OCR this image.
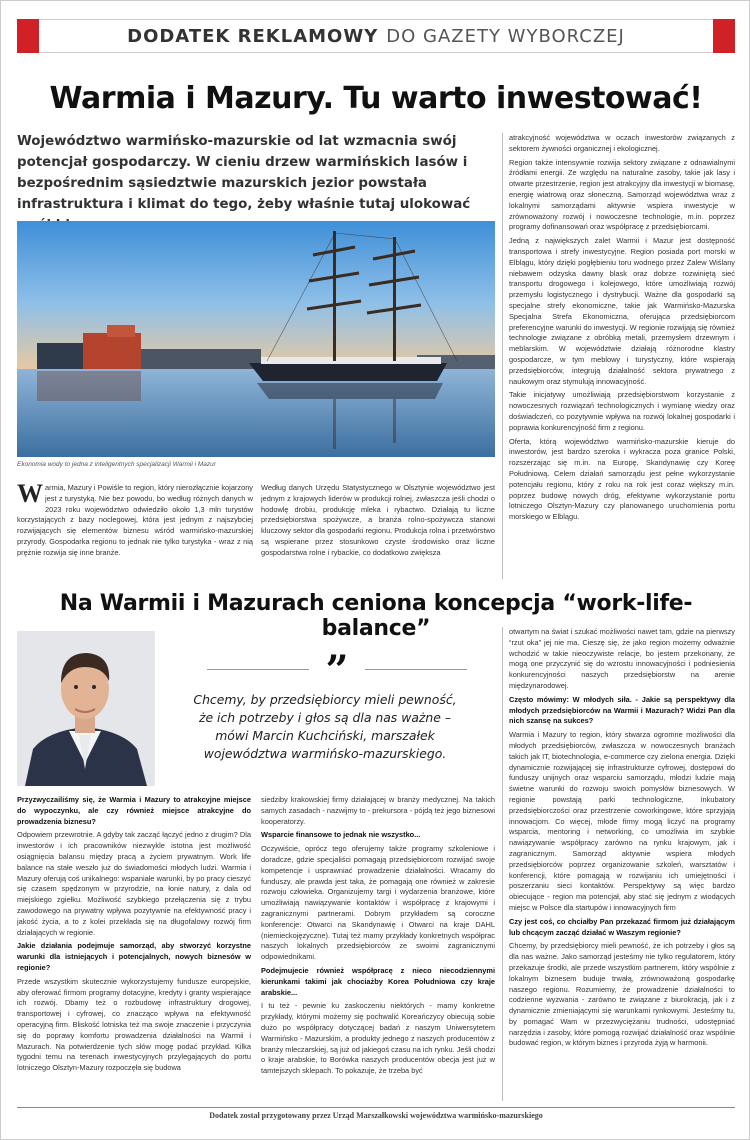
DODATEK REKLAMOWY DO GAZETY WYBORCZEJ
Warmia i Mazury. Tu warto inwestować!
Województwo warmińsko-mazurskie od lat wzmacnia swój potencjał gospodarczy. W cieniu drzew warmińskich lasów i bezpośrednim sąsiedztwie mazurskich jezior powstała infrastruktura i klimat do tego, żeby właśnie tutaj ulokować
Ekonomia wody to jedna z inteligentnych specjalizacji Warmii i Mazur
Warmia, Mazury i Powiśle to region, który nierozłącznie kojarzony jest z turystyką. Nie bez powodu, bo według różnych danych w 2023 roku województwo odwiedziło około 1,3 mln turystów korzystających z bazy noclegowej, która jest jednym z najszybciej rozwijających się elementów biznesu wśród warmińsko-mazurskiej przyrody. Gospodarka regionu to jednak nie tylko turystyka - wraz z nią prężnie rozwija się inne branże.

Według danych Urzędu Statystycznego w Olsztynie województwo jest jednym z krajowych liderów w produkcji rolnej, zwłaszcza jeśli chodzi o hodowlę drobiu, produkcję mleka i rybactwo. Działają tu liczne przedsiębiorstwa spożywcze, a branża rolno-spożywcza stanowi kluczowy sektor dla gospodarki regionu. Produkcja rolna i przetwórstwo są wspierane przez stosunkowo czyste środowisko oraz liczne gospodarstwa rolne i rybackie, co dodatkowo zwiększa

atrakcyjność województwa w oczach inwestorów związanych z sektorem żywności organicznej i ekologicznej.

Region także intensywnie rozwija sektory związane z odnawialnymi źródłami energii. Ze względu na naturalne zasoby, takie jak lasy i otwarte przestrzenie, region jest atrakcyjny dla inwestycji w biomasę, energię wiatrową oraz słoneczną. Samorząd województwa wraz z lokalnymi samorządami aktywnie wspiera inwestycje w zrównoważony rozwój i nowoczesne technologie, m.in. poprzez programy dofinansowań oraz współpracę z przedsiębiorcami.

Jedną z największych zalet Warmii i Mazur jest dostępność transportowa i strefy inwestycyjne. Region posiada port morski w Elblągu, który dzięki pogłębieniu toru wodnego przez Zalew Wiślany niebawem odzyska dawny blask oraz dobrze rozwiniętą sieć transportu drogowego i kolejowego, które umożliwiają rozwój przemysłu logistycznego i dystrybucji. Ważne dla gospodarki są specjalne strefy ekonomiczne, takie jak Warmińsko-Mazurska Specjalna Strefa Ekonomiczna, oferująca przedsiębiorcom preferencyjne warunki do inwestycji. W regionie rozwijają się również technologie związane z obróbką metali, przemysłem drzewnym i meblarskim. W województwie działają różnorodne klastry gospodarcze, w tym meblowy i turystyczny, które wspierają przedsiębiorców, integrują działalność sektora prywatnego z naukowym oraz stymulują innowacyjność.

Takie inicjatywy umożliwiają przedsiębiorstwom korzystanie z nowoczesnych rozwiązań technologicznych i wymianę wiedzy oraz doświadczeń, co pozytywnie wpływa na rozwój lokalnej gospodarki i poprawia konkurencyjność firm z regionu.

Oferta, którą województwo warmińsko-mazurskie kieruje do inwestorów, jest bardzo szeroka i wykracza poza granice Polski, rozszerzając się m.in. na Europę, Skandynawię czy Koreę Południową. Celem działań samorządu jest pełne wykorzystanie potencjału regionu, który z roku na rok jest coraz większy m.in. poprzez budowę nowych dróg, efektywne wykorzystanie portu lotniczego Olsztyn-Mazury czy planowanego uruchomienia portu morskiego w Elblągu.

Na Warmii i Mazurach ceniona koncepcja “work-life-balance”
”
Chcemy, by przedsiębiorcy mieli pewność, że ich potrzeby i głos są dla nas ważne – mówi Marcin Kuchciński, marszałek województwa warmińsko-mazurskiego.

Przyzwyczailiśmy się, że Warmia i Mazury to atrakcyjne miejsce do wypoczynku, ale czy również miejsce atrakcyjne do prowadzenia biznesu?

Odpowiem przewrotnie. A gdyby tak zacząć łączyć jedno z drugim? Dla inwestorów i ich pracowników niezwykle istotna jest możliwość osiągnięcia balansu między pracą a życiem prywatnym. Work life balance na stałe weszło już do świadomości młodych ludzi. Warmia i Mazury oferują coś unikalnego: wspaniałe warunki, by po pracy cieszyć się czasem spędzonym w przyrodzie, na łonie natury, z dala od miejskiego zgiełku. Możliwość szybkiego przełączenia się z trybu zawodowego na prywatny wpływa pozytywnie na efektywność pracy i jakość życia, a to z kolei przekłada się na długofalowy rozwój firm działających w regionie.

Jakie działania podejmuje samorząd, aby stworzyć korzystne warunki dla istniejących i potencjalnych, nowych biznesów w regionie?

Przede wszystkim skutecznie wykorzystujemy fundusze europejskie, aby oferować firmom programy dotacyjne, kredyty i granty wspierające ich rozwój. Dbamy też o rozbudowę infrastruktury drogowej, transportowej i cyfrowej, co znacząco wpływa na efektywność operacyjną firm. Bliskość lotniska też ma swoje znaczenie i przyczynia się do poprawy komfortu prowadzenia działalności na Warmii i Mazurach. Na potwierdzenie tych słów mogę podać przykład. Kilka tygodni temu na terenach inwestycyjnych przylegających do portu lotniczego Olsztyn-Mazury rozpoczęła się budowa

siedziby krakowskiej firmy działającej w branży medycznej. Na takich samych zasadach - nazwijmy to - prekursora - pójdą też jego biznesowi kooperatorzy.

Wsparcie finansowe to jednak nie wszystko...

Oczywiście, oprócz tego oferujemy także programy szkoleniowe i doradcze, gdzie specjaliści pomagają przedsiębiorcom rozwijać swoje kompetencje i usprawniać prowadzenie działalności. Wracamy do funduszy, ale prawda jest taka, że pomagają one również w zakresie rozwoju człowieka. Organizujemy targi i wydarzenia branżowe, które umożliwiają nawiązywanie kontaktów i współpracę z krajowymi i zagranicznymi partnerami. Dobrym przykładem są coroczne konferencje: Otwarci na Skandynawię i Otwarci na kraje DAHL (niemieckojęzyczne). Tutaj też mamy przykłady konkretnych współprac naszych lokalnych przedsiębiorców ze swoimi zagranicznymi odpowiednikami.

Podejmujecie również współpracę z nieco niecodziennymi kierunkami takimi jak chociażby Korea Południowa czy kraje arabskie...

I tu też - pewnie ku zaskoczeniu niektórych - mamy konkretne przykłady, którymi możemy się pochwalić Koreańczycy obiecują sobie dużo po współpracy dotyczącej badań z naszym Uniwersytetem Warmińsko - Mazurskim, a produkty jednego z naszych producentów z branży mleczarskiej, są już od jakiegoś czasu na ich rynku. Jeśli chodzi o kraje arabskie, to Borówka naszych producentów obecja jest już w tamtejszych sklepach. To pokazuje, że trzeba być

otwartym na świat i szukać możliwości nawet tam, gdzie na pierwszy “rzut oka” jej nie ma. Cieszę się, że jako region możemy odważnie wchodzić w takie nieoczywiste relacje, bo jestem przekonany, że mogą one przyczynić się do wzrostu innowacyjności i podniesienia konkurencyjności naszych przedsiębiorstw na arenie międzynarodowej.

Często mówimy: W młodych siła. - Jakie są perspektywy dla młodych przedsiębiorców na Warmii i Mazurach? Widzi Pan dla nich szansę na sukces?

Warmia i Mazury to region, który stwarza ogromne możliwości dla młodych przedsiębiorców, zwłaszcza w nowoczesnych branżach takich jak IT, biotechnologia, e-commerce czy zielona energia. Dzięki dynamicznie rozwijającej się infrastrukturze cyfrowej, dostępowi do funduszy unijnych oraz wsparciu samorządu, młodzi ludzie mają świetne warunki do rozwoju swoich pomysłów biznesowych. W regionie powstają parki technologiczne, inkubatory przedsiębiorczości oraz przestrzenie coworkingowe, które sprzyjają innowacjom. Co więcej, młode firmy mogą liczyć na programy wsparcia, mentoring i networking, co umożliwia im szybkie nawiązywanie współpracy zarówno na rynku krajowym, jak i zagranicznym. Samorząd aktywnie wspiera młodych przedsiębiorców poprzez organizowanie szkoleń, warsztatów i konferencji, które pomagają w rozwijaniu ich umiejętności i poszerzaniu sieci kontaktów. Perspektywy są więc bardzo obiecujące - region ma potencjał, aby stać się jednym z wiodących miejsc w Polsce dla startupów i innowacyjnych firm

Czy jest coś, co chciałby Pan przekazać firmom już działającym lub chcącym zacząć działać w Waszym regionie?

Chcemy, by przedsiębiorcy mieli pewność, że ich potrzeby i głos są dla nas ważne. Jako samorząd jesteśmy nie tylko regulatorem, który przekazuje środki, ale przede wszystkim partnerem, który wspólnie z lokalnym biznesem buduje trwałą, zrównoważoną gospodarkę naszego regionu. Rozumiemy, że prowadzenie działalności to codzienne wyzwania - zarówno te związane z biurokracją, jak i z dynamicznie zmieniającymi się warunkami rynkowymi. Jesteśmy tu, by pomagać Wam w przezwyciężaniu trudności, udostępniać narzędzia i zasoby, które pomogą rozwijać działalność oraz wspólnie budować region, w którym biznes i przyroda żyją w harmonii.

Dodatek został przygotowany przez Urząd Marszałkowski województwa warmińsko-mazurskiego
